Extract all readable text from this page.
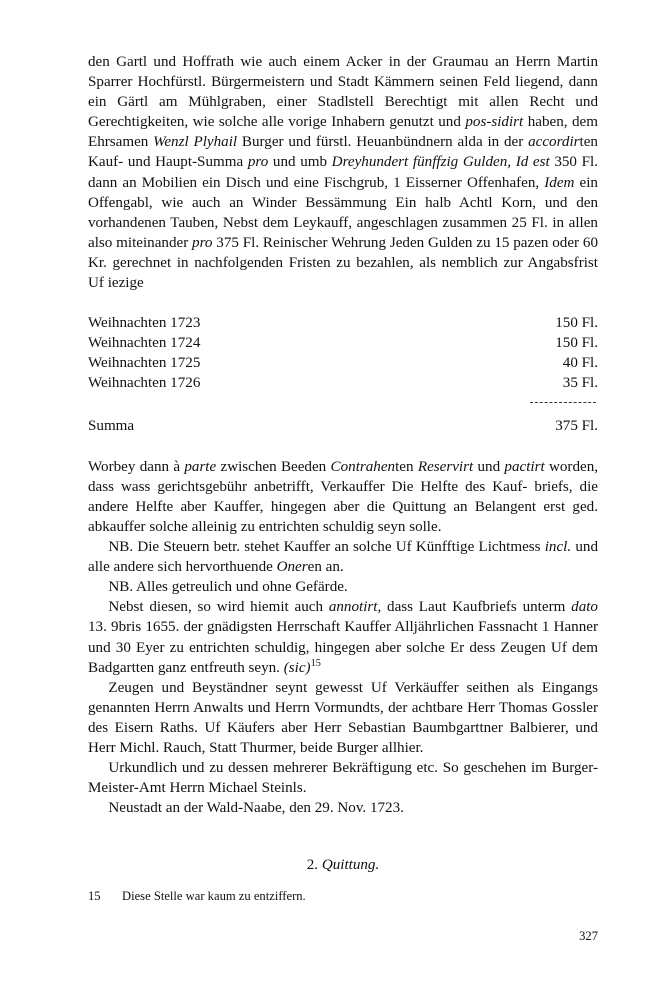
den Gartl und Hoffrath wie auch einem Acker in der Graumau an Herrn Martin Sparrer Hochfürstl. Bürgermeistern und Stadt Kämmern seinen Feld liegend, dann ein Gärtl am Mühlgraben, einer Stadlstell Berechtigt mit allen Recht und Gerechtigkeiten, wie solche alle vorige Inhabern genutzt und pos-sidirt haben, dem Ehrsamen Wenzl Plyhail Burger und fürstl. Heuanbündnern alda in der accordirten Kauf- und Haupt-Summa pro und umb Dreyhundert fünffzig Gulden, Id est 350 Fl. dann an Mobilien ein Disch und eine Fischgrub, 1 Eisserner Offenhafen, Idem ein Offengabl, wie auch an Winder Bessämmung Ein halb Achtl Korn, und den vorhandenen Tauben, Nebst dem Leykauff, angeschlagen zusammen 25 Fl. in allen also miteinander pro 375 Fl. Reinischer Wehrung Jeden Gulden zu 15 pazen oder 60 Kr. gerechnet in nachfolgenden Fristen zu bezahlen, als nemblich zur Angabsfrist Uf iezige

Weihnachten 1723	150 Fl.
Weihnachten 1724	150 Fl.
Weihnachten 1725	40 Fl.
Weihnachten 1726	35 Fl.

Summa	375 Fl.

Worbey dann à parte zwischen Beeden Contrahenten Reservirt und pactirt worden, dass wass gerichtsgebühr anbetrifft, Verkauffer Die Helfte des Kauf- briefs, die andere Helfte aber Kauffer, hingegen aber die Quittung an Belangent erst ged. abkauffer solche alleinig zu entrichten schuldig seyn solle.

NB. Die Steuern betr. stehet Kauffer an solche Uf Künfftige Lichtmess incl. und alle andere sich hervorthuende Oneren an.

NB. Alles getreulich und ohne Gefärde.

Nebst diesen, so wird hiemit auch annotirt, dass Laut Kaufbriefs unterm dato 13. 9bris 1655. der gnädigsten Herrschaft Kauffer Alljährlichen Fassnacht 1 Hanner und 30 Eyer zu entrichten schuldig, hingegen aber solche Er dess Zeugen Uf dem Badgartten ganz entfreuth seyn. (sic)$^{15}$

Zeugen und Beyständner seynt gewesst Uf Verkäuffer seithen als Eingangs genannten Herrn Anwalts und Herrn Vormundts, der achtbare Herr Thomas Gossler des Eisern Raths. Uf Käufers aber Herr Sebastian Baumbgarttner Balbierer, und Herr Michl. Rauch, Statt Thurmer, beide Burger allhier.

Urkundlich und zu dessen mehrerer Bekräftigung etc. So geschehen im Burger-Meister-Amt Herrn Michael Steinls.

Neustadt an der Wald-Naabe, den 29. Nov. 1723.

2. Quittung.
15	Diese Stelle war kaum zu entziffern.
327
